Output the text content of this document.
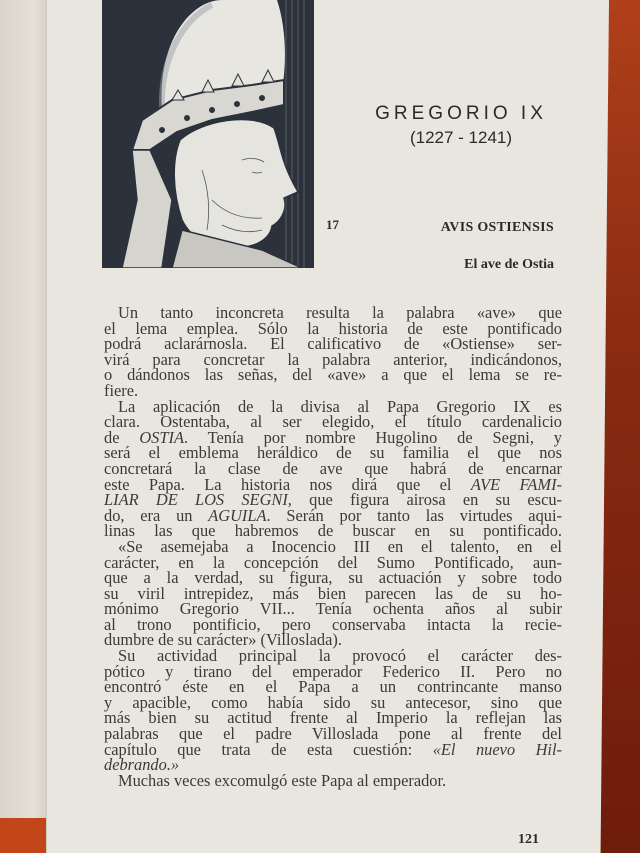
GREGORIO IX
(1227 - 1241)
17	AVIS OSTIENSIS
El ave de Ostia
Un tanto inconcreta resulta la palabra «ave» que
el lema emplea. Sólo la historia de este pontificado
podrá aclarárnosla. El calificativo de «Ostiense» ser-
virá para concretar la palabra anterior, indicándonos,
o dándonos las señas, del «ave» a que el lema se re-
fiere.
La aplicación de la divisa al Papa Gregorio IX es
clara. Ostentaba, al ser elegido, el título cardenalicio
de OSTIA. Tenía por nombre Hugolino de Segni, y
será el emblema heráldico de su familia el que nos
concretará la clase de ave que habrá de encarnar
este Papa. La historia nos dirá que el AVE FAMI-
LIAR DE LOS SEGNI, que figura airosa en su escu-
do, era un AGUILA. Serán por tanto las virtudes aqui-
linas las que habremos de buscar en su pontificado.
«Se asemejaba a Inocencio III en el talento, en el
carácter, en la concepción del Sumo Pontificado, aun-
que a la verdad, su figura, su actuación y sobre todo
su viril intrepidez, más bien parecen las de su ho-
mónimo Gregorio VII... Tenía ochenta años al subir
al trono pontificio, pero conservaba intacta la recie-
dumbre de su carácter» (Villoslada).
Su actividad principal la provocó el carácter des-
pótico y tirano del emperador Federico II. Pero no
encontró éste en el Papa a un contrincante manso
y apacible, como había sido su antecesor, sino que
más bien su actitud frente al Imperio la reflejan las
palabras que el padre Villoslada pone al frente del
capítulo que trata de esta cuestión: «El nuevo Hil-
debrando.»
Muchas veces excomulgó este Papa al emperador.
121
